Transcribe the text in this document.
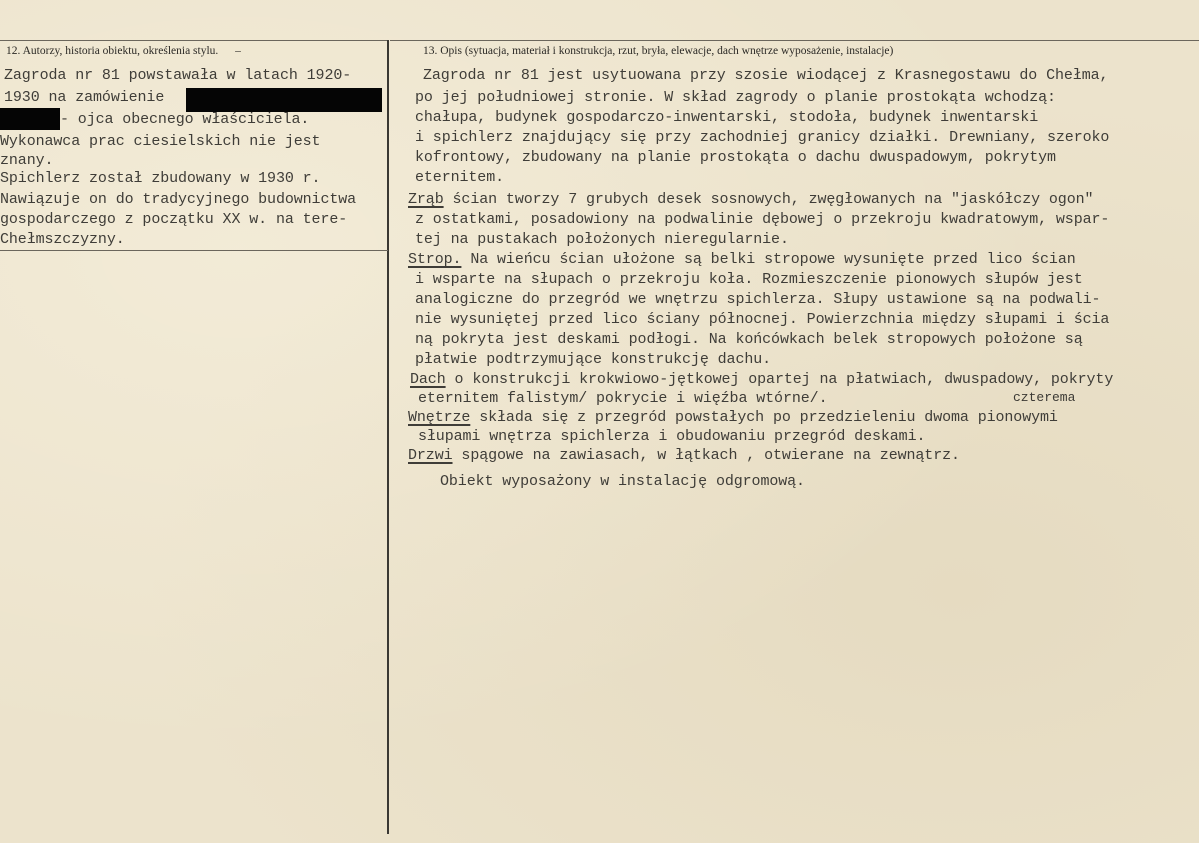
12. Autorzy, historia obiektu, określenia stylu. –	13. Opis (sytuacja, materiał i konstrukcja, rzut, bryła, elewacje, dach wnętrze wyposażenie, instalacje)
Zagroda nr 81 powstawała w latach 1920-
1930 na zamówienie
- ojca obecnego właściciela.
Wykonawca prac ciesielskich nie jest
znany.
Spichlerz został zbudowany w 1930 r.
Nawiązuje on do tradycyjnego budownictwa
gospodarczego z początku XX w. na tere-
Chełmszczyzny.
Zagroda nr 81 jest usytuowana przy szosie wiodącej z Krasnegostawu do Chełma,
po jej południowej stronie. W skład zagrody o planie prostokąta wchodzą:
chałupa, budynek gospodarczo-inwentarski, stodoła, budynek inwentarski
i spichlerz znajdujący się przy zachodniej granicy działki. Drewniany, szeroko
kofrontowy, zbudowany na planie prostokąta o dachu dwuspadowym, pokrytym
eternitem.
Zrąb ścian tworzy 7 grubych desek sosnowych, zwęgłowanych na "jaskółczy ogon"
z ostatkami, posadowiony na podwalinie dębowej o przekroju kwadratowym, wspar-
tej na pustakach położonych nieregularnie.
Strop. Na wieńcu ścian ułożone są belki stropowe wysunięte przed lico ścian
i wsparte na słupach o przekroju koła. Rozmieszczenie pionowych słupów jest
analogiczne do przegród we wnętrzu spichlerza. Słupy ustawione są na podwali-
nie wysuniętej przed lico ściany północnej. Powierzchnia między słupami i ścia
ną pokryta jest deskami podłogi. Na końcówkach belek stropowych położone są
płatwie podtrzymujące konstrukcję dachu.
Dach o konstrukcji krokwiowo-jętkowej opartej na płatwiach, dwuspadowy, pokryty
eternitem falistym/ pokrycie i więźba wtórne/.	czterema
Wnętrze składa się z przegród powstałych po przedzieleniu dwoma pionowymi
słupami wnętrza spichlerza i obudowaniu przegród deskami.
Drzwi spągowe na zawiasach, w łątkach , otwierane na zewnątrz.
Obiekt wyposażony w instalację odgromową.
